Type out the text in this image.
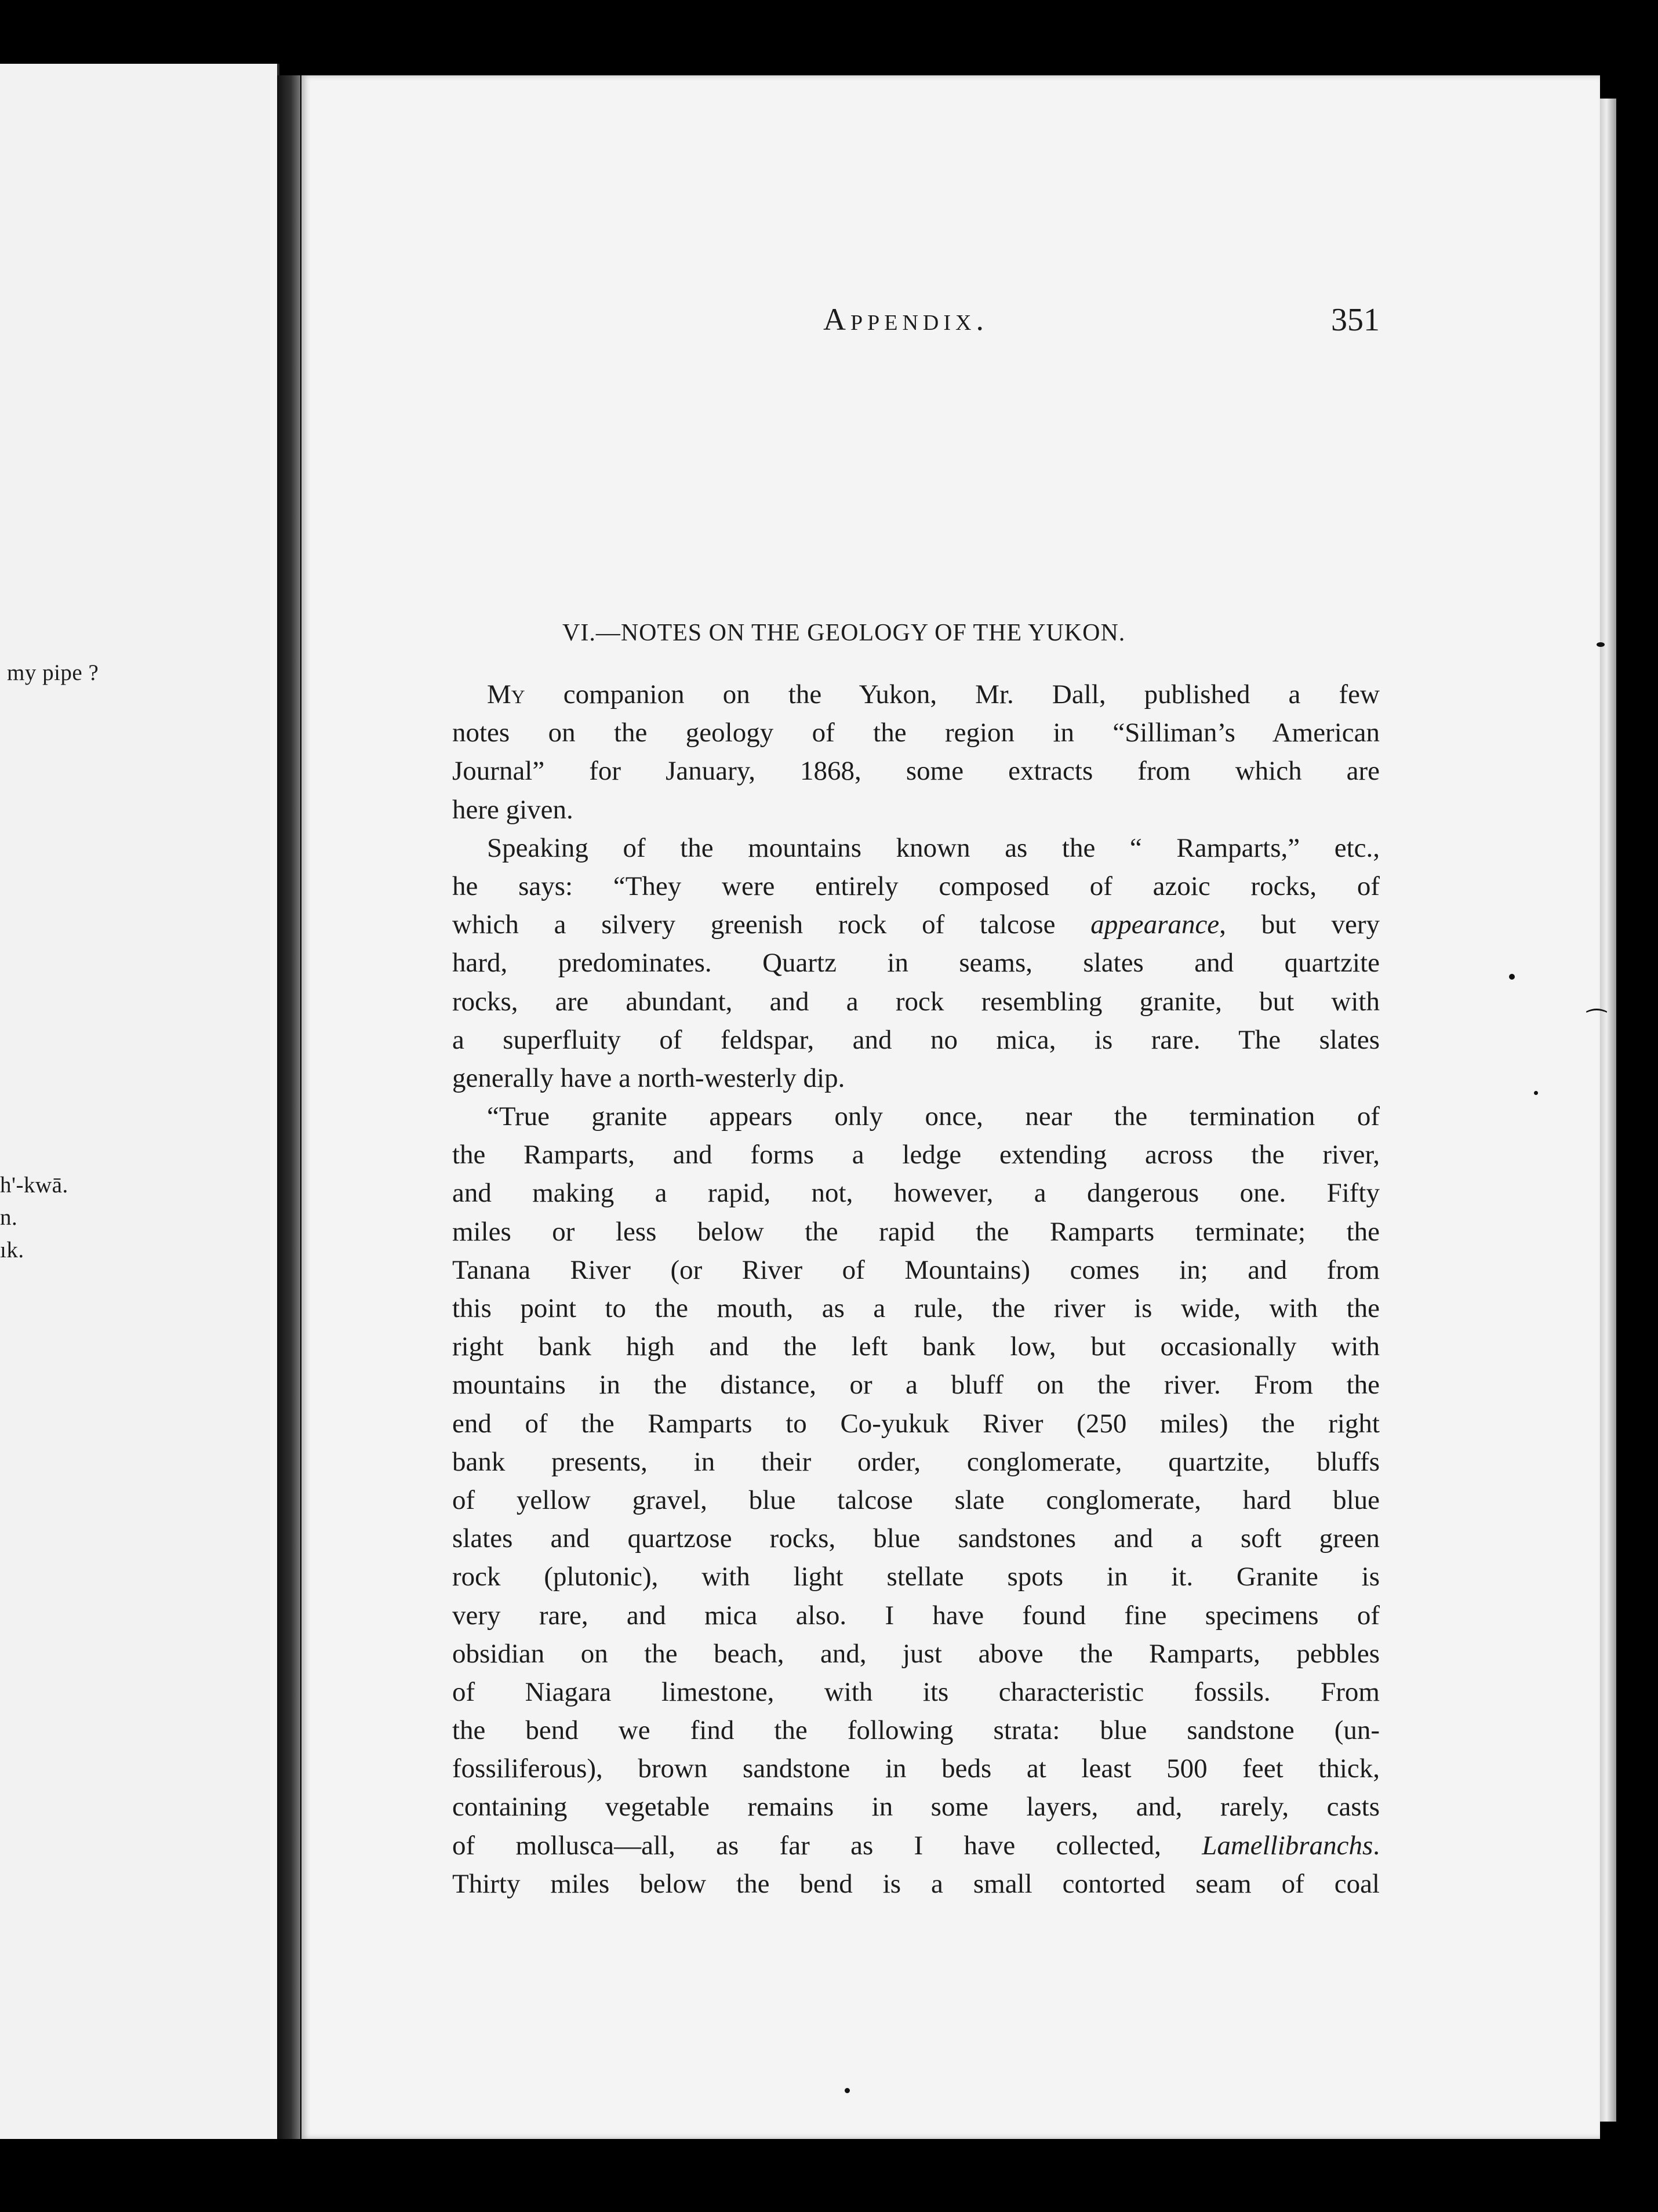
my pipe ?
h'-kwā.
n.
ık.
Appendix.	351
VI.—NOTES ON THE GEOLOGY OF THE YUKON.
My companion on the Yukon, Mr. Dall, published a few
notes on the geology of the region in “Silliman’s American
Journal” for January, 1868, some extracts from which are
here given.
Speaking of the mountains known as the “ Ramparts,” etc.,
he says: “They were entirely composed of azoic rocks, of
which a silvery greenish rock of talcose appearance, but very
hard, predominates. Quartz in seams, slates and quartzite
rocks, are abundant, and a rock resembling granite, but with
a superfluity of feldspar, and no mica, is rare. The slates
generally have a north-westerly dip.
“True granite appears only once, near the termination of
the Ramparts, and forms a ledge extending across the river,
and making a rapid, not, however, a dangerous one. Fifty
miles or less below the rapid the Ramparts terminate; the
Tanana River (or River of Mountains) comes in; and from
this point to the mouth, as a rule, the river is wide, with the
right bank high and the left bank low, but occasionally with
mountains in the distance, or a bluff on the river. From the
end of the Ramparts to Co-yukuk River (250 miles) the right
bank presents, in their order, conglomerate, quartzite, bluffs
of yellow gravel, blue talcose slate conglomerate, hard blue
slates and quartzose rocks, blue sandstones and a soft green
rock (plutonic), with light stellate spots in it. Granite is
very rare, and mica also. I have found fine specimens of
obsidian on the beach, and, just above the Ramparts, pebbles
of Niagara limestone, with its characteristic fossils. From
the bend we find the following strata: blue sandstone (un-
fossiliferous), brown sandstone in beds at least 500 feet thick,
containing vegetable remains in some layers, and, rarely, casts
of mollusca—all, as far as I have collected, Lamellibranchs.
Thirty miles below the bend is a small contorted seam of coal
⁀
